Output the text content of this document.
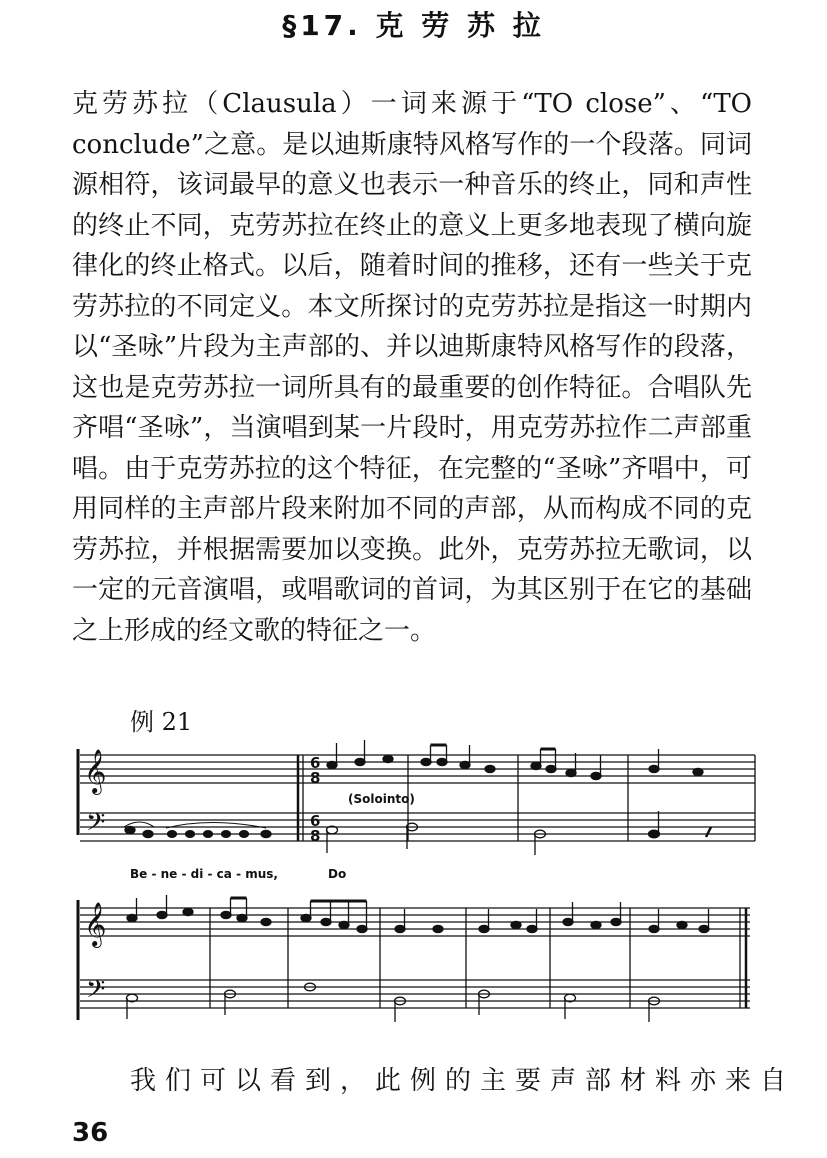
§17. 克 劳 苏 拉

克劳苏拉（Clausula）一词来源于“TO close”、“TO conclude”之意。是以迪斯康特风格写作的一个段落。同词源相符，该词最早的意义也表示一种音乐的终止，同和声性的终止不同，克劳苏拉在终止的意义上更多地表现了横向旋律化的终止格式。以后，随着时间的推移，还有一些关于克劳苏拉的不同定义。本文所探讨的克劳苏拉是指这一时期内以“圣咏”片段为主声部的、并以迪斯康特风格写作的段落，这也是克劳苏拉一词所具有的最重要的创作特征。合唱队先齐唱“圣咏”，当演唱到某一片段时，用克劳苏拉作二声部重唱。由于克劳苏拉的这个特征，在完整的“圣咏”齐唱中，可用同样的主声部片段来附加不同的声部，从而构成不同的克劳苏拉，并根据需要加以变换。此外，克劳苏拉无歌词，以一定的元音演唱，或唱歌词的首词，为其区别于在它的基础之上形成的经文歌的特征之一。

例 21
𝄞
𝄢
6
8
6
8
(Solointo)
Be - ne - di - ca - mus,	Do
𝄞
𝄢

我们可以看到，此例的主要声部材料亦来自

36
